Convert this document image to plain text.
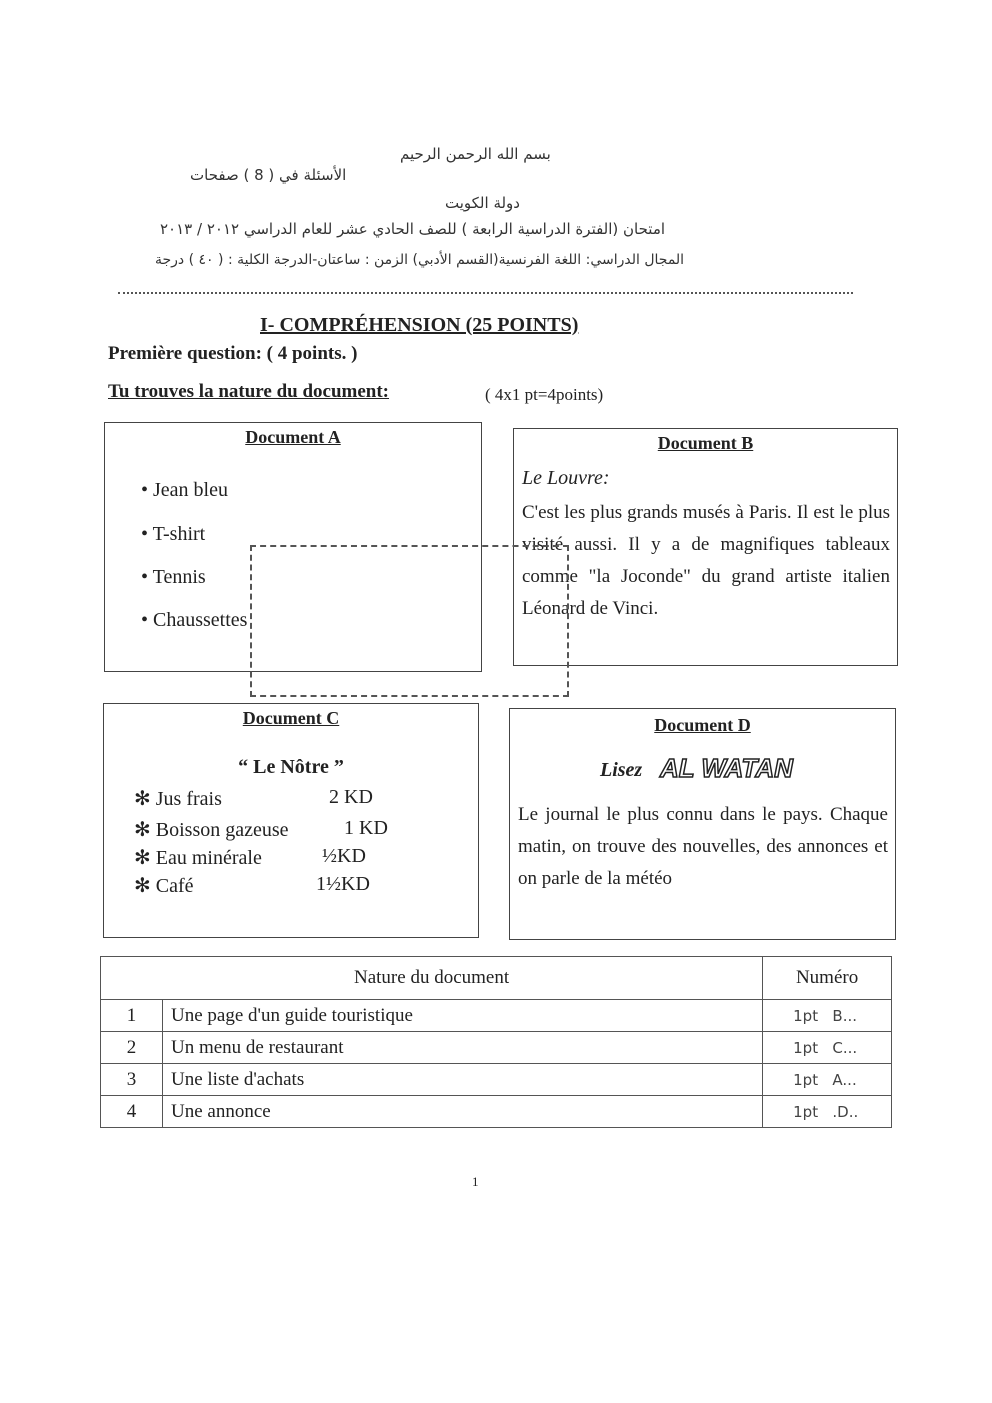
بسم الله الرحمن الرحيم
الأسئلة في ( 8 ) صفحات
دولة الكويت
امتحان (الفترة الدراسية الرابعة ) للصف الحادي عشر للعام الدراسي ٢٠١٢ / ٢٠١٣
المجال الدراسي: اللغة الفرنسية(القسم الأدبي) الزمن : ساعتان-الدرجة الكلية : ( ٤٠ ) درجة
I- COMPRÉHENSION (25 POINTS)
Première question: ( 4 points. )
Tu trouves la nature du document:	( 4x1 pt=4points)
Document A
• Jean bleu
• T-shirt
• Tennis
• Chaussettes
Document B
Le Louvre:
C'est les plus grands musés à Paris. Il est le plus visité aussi. Il y a de magnifiques tableaux comme "la Joconde" du grand artiste italien Léonard de Vinci.
Document C
“ Le Nôtre ”
✻ Jus frais	2 KD
✻ Boisson gazeuse	1 KD
✻ Eau minérale	½KD
✻ Café	1½KD
Document D
Lisez AL WATAN
Le journal le plus connu dans le pays. Chaque matin, on trouve des nouvelles, des annonces et on parle de la météo
Nature du document		Numéro
1	Une page d'un guide touristique	1pt B...
2	Un menu de restaurant	1pt C...
3	Une liste d'achats	1pt A...
4	Une annonce	1pt .D..
1
